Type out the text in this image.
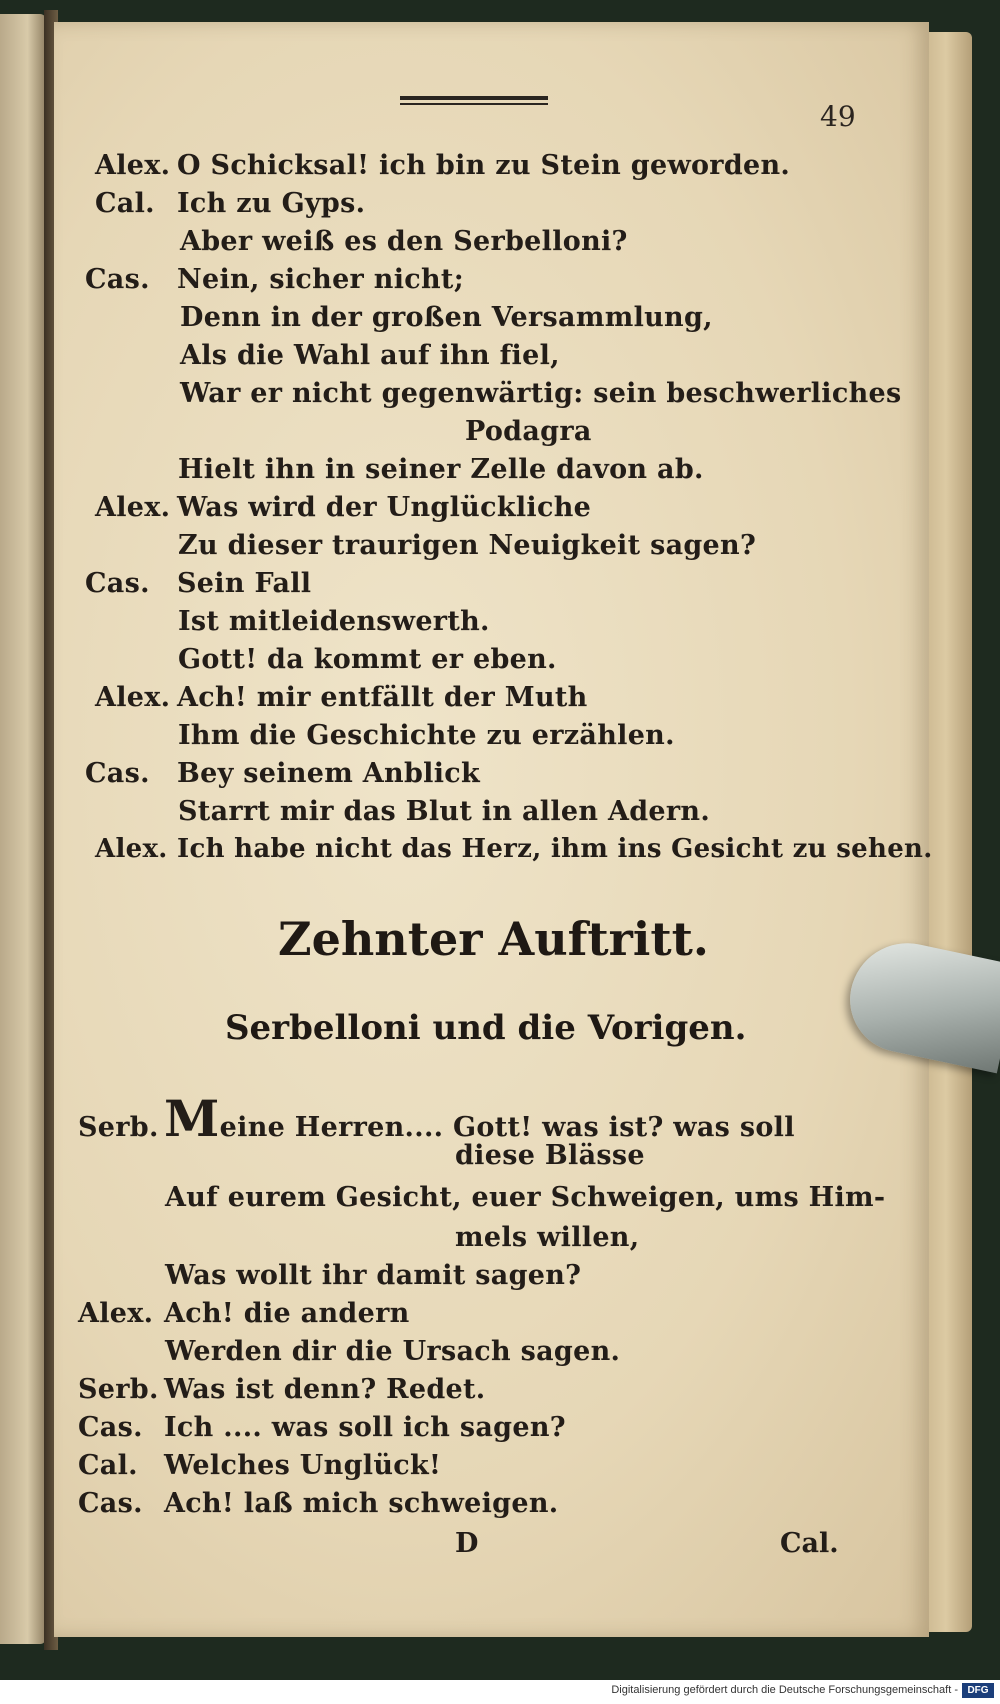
49
Alex. O Schicksal! ich bin zu Stein geworden.
Cal. Ich zu Gyps.
Aber weiß es den Serbelloni?
Cas. Nein, sicher nicht;
Denn in der großen Versammlung,
Als die Wahl auf ihn fiel,
War er nicht gegenwärtig: sein beschwerliches
Podagra
Hielt ihn in seiner Zelle davon ab.
Alex. Was wird der Unglückliche
Zu dieser traurigen Neuigkeit sagen?
Cas. Sein Fall
Ist mitleidenswerth.
Gott! da kommt er eben.
Alex. Ach! mir entfällt der Muth
Ihm die Geschichte zu erzählen.
Cas. Bey seinem Anblick
Starrt mir das Blut in allen Adern.
Alex. Ich habe nicht das Herz, ihm ins Gesicht zu sehen.
Zehnter Auftritt.
Serbelloni und die Vorigen.
Serb. Meine Herren.... Gott! was ist? was soll
diese Blässe
Auf eurem Gesicht, euer Schweigen, ums Him-
mels willen,
Was wollt ihr damit sagen?
Alex. Ach! die andern
Werden dir die Ursach sagen.
Serb. Was ist denn? Redet.
Cas. Ich .... was soll ich sagen?
Cal. Welches Unglück!
Cas. Ach! laß mich schweigen.
D	Cal.
Digitalisierung gefördert durch die Deutsche Forschungsgemeinschaft - DFG
